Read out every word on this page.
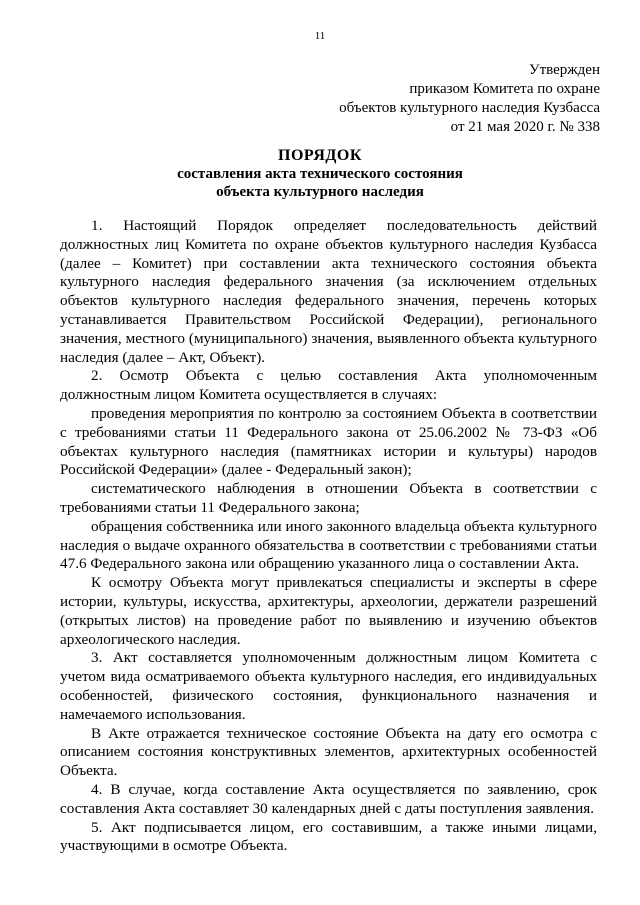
11
Утвержден
приказом Комитета по охране
объектов культурного наследия Кузбасса
от 21 мая 2020 г. № 338
ПОРЯДОК
составления акта технического состояния
объекта культурного наследия

1. Настоящий Порядок определяет последовательность действий должностных лиц Комитета по охране объектов культурного наследия Кузбасса (далее – Комитет) при составлении акта технического состояния объекта культурного наследия федерального значения (за исключением отдельных объектов культурного наследия федерального значения, перечень которых устанавливается Правительством Российской Федерации), регионального значения, местного (муниципального) значения, выявленного объекта культурного наследия (далее – Акт, Объект).

2. Осмотр Объекта с целью составления Акта уполномоченным должностным лицом Комитета осуществляется в случаях:

проведения мероприятия по контролю за состоянием Объекта в соответствии с требованиями статьи 11 Федерального закона от 25.06.2002 № 73-ФЗ «Об объектах культурного наследия (памятниках истории и культуры) народов Российской Федерации» (далее - Федеральный закон);

систематического наблюдения в отношении Объекта в соответствии с требованиями статьи 11 Федерального закона;

обращения собственника или иного законного владельца объекта культурного наследия о выдаче охранного обязательства в соответствии с требованиями статьи 47.6 Федерального закона или обращению указанного лица о составлении Акта.

К осмотру Объекта могут привлекаться специалисты и эксперты в сфере истории, культуры, искусства, архитектуры, археологии, держатели разрешений (открытых листов) на проведение работ по выявлению и изучению объектов археологического наследия.

3. Акт составляется уполномоченным должностным лицом Комитета с учетом вида осматриваемого объекта культурного наследия, его индивидуальных особенностей, физического состояния, функционального назначения и намечаемого использования.

В Акте отражается техническое состояние Объекта на дату его осмотра с описанием состояния конструктивных элементов, архитектурных особенностей Объекта.

4. В случае, когда составление Акта осуществляется по заявлению, срок составления Акта составляет 30 календарных дней с даты поступления заявления.

5. Акт подписывается лицом, его составившим, а также иными лицами, участвующими в осмотре Объекта.
